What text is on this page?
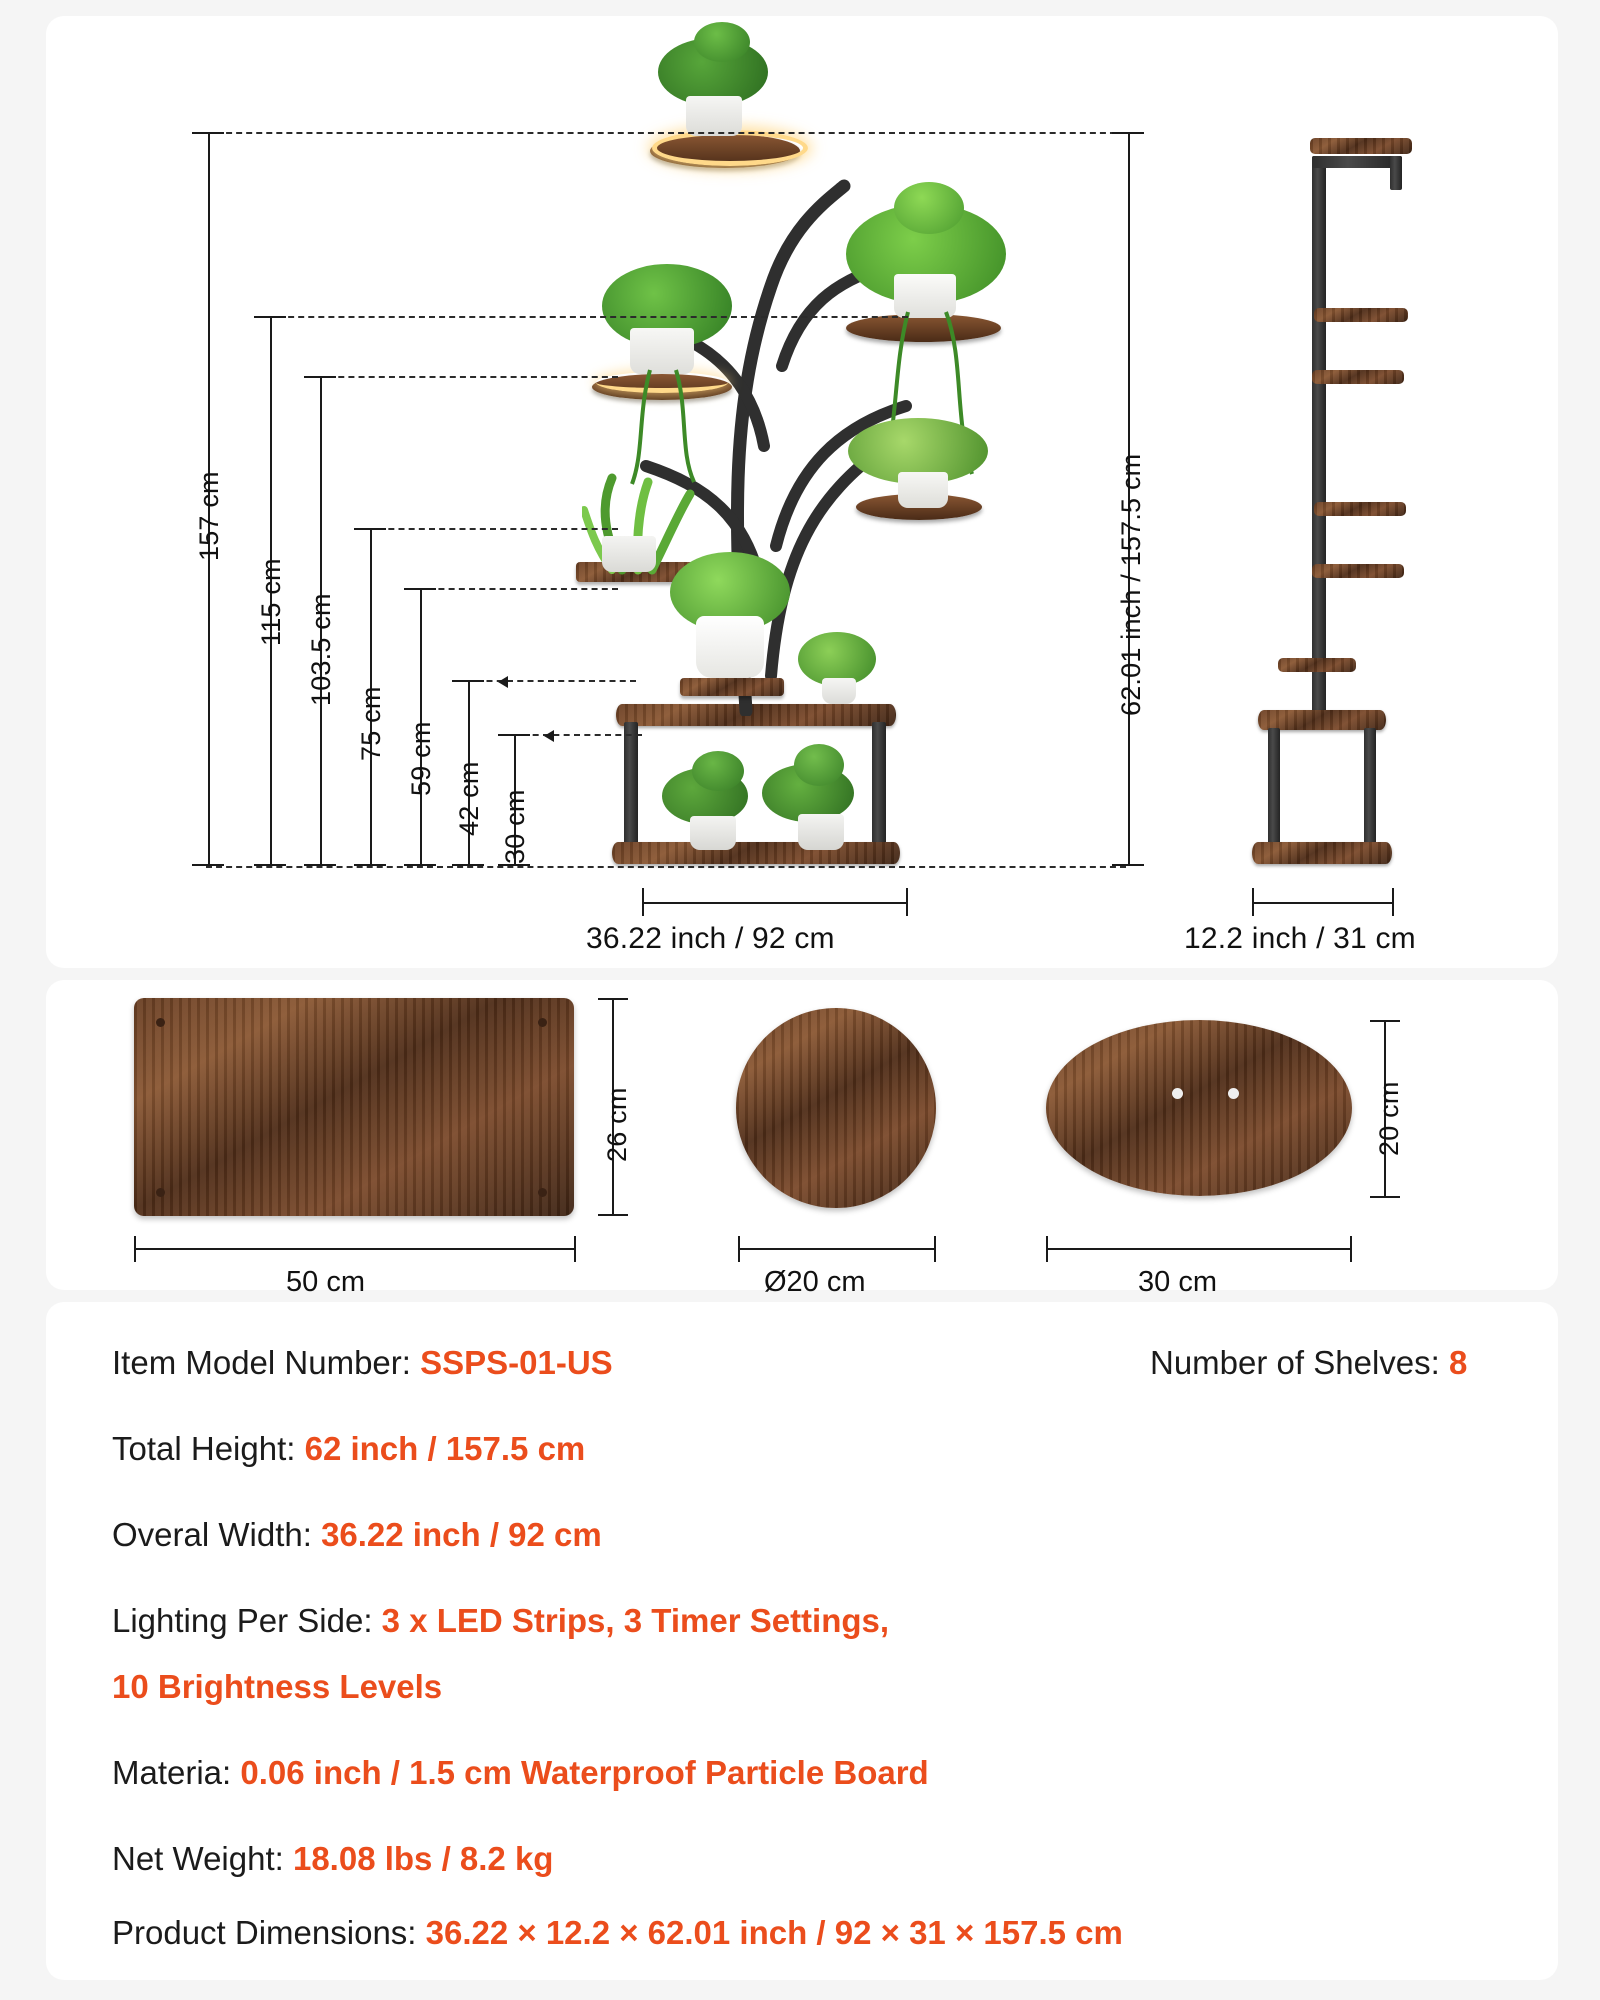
157 cm
115 cm 103.5 cm
75 cm 59 cm
42 cm 30 cm
62.01 inch / 157.5 cm
36.22 inch / 92 cm	12.2 inch / 31 cm
26 cm
50 cm	Ø20 cm
20 cm
30 cm
Item Model Number: SSPS-01-US	Number of Shelves: 8
Total Height: 62 inch / 157.5 cm
Overal Width: 36.22 inch / 92 cm
Lighting Per Side: 3 x LED Strips, 3 Timer Settings,
10 Brightness Levels
Materia: 0.06 inch / 1.5 cm Waterproof Particle Board
Net Weight: 18.08 lbs / 8.2 kg
Product Dimensions: 36.22 × 12.2 × 62.01 inch / 92 × 31 × 157.5 cm
